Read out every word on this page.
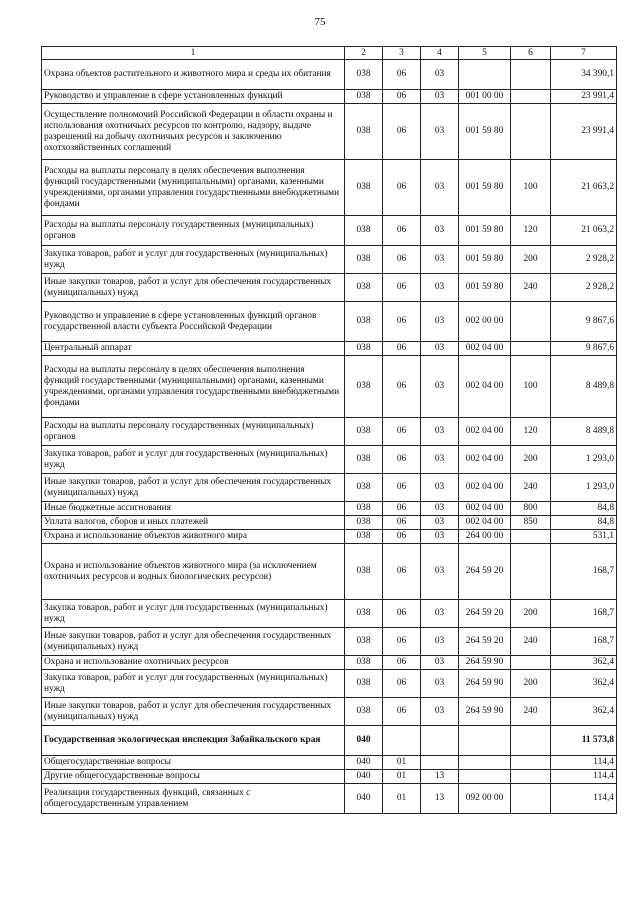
75
1	2	3	4	5	6	7
Охрана объектов растительного и животного мира и среды их обитания	038	06	03			34 390,1
Руководство и управление в сфере установленных функций	038	06	03	001 00 00		23 991,4
Осуществление полномочий Российской Федерации в области охраны и использования охотничьих ресурсов по контролю, надзору, выдаче разрешений на добычу охотничьих ресурсов и заключению охотхозяйственных соглашений	038	06	03	001 59 80		23 991,4
Расходы на выплаты персоналу в целях обеспечения выполнения функций государственными (муниципальными) органами, казенными учреждениями, органами управления государственными внебюджетными фондами	038	06	03	001 59 80	100	21 063,2
Расходы на выплаты персоналу государственных (муниципальных) органов	038	06	03	001 59 80	120	21 063,2
Закупка товаров, работ и услуг для государственных (муниципальных) нужд	038	06	03	001 59 80	200	2 928,2
Иные закупки товаров, работ и услуг для обеспечения государственных (муниципальных) нужд	038	06	03	001 59 80	240	2 928,2
Руководство и управление в сфере установленных функций органов государственной власти субъекта Российской Федерации	038	06	03	002 00 00		9 867,6
Центральный аппарат	038	06	03	002 04 00		9 867,6
Расходы на выплаты персоналу в целях обеспечения выполнения функций государственными (муниципальными) органами, казенными учреждениями, органами управления государственными внебюджетными фондами	038	06	03	002 04 00	100	8 489,8
Расходы на выплаты персоналу государственных (муниципальных) органов	038	06	03	002 04 00	120	8 489,8
Закупка товаров, работ и услуг для государственных (муниципальных) нужд	038	06	03	002 04 00	200	1 293,0
Иные закупки товаров, работ и услуг для обеспечения государственных (муниципальных) нужд	038	06	03	002 04 00	240	1 293,0
Иные бюджетные ассигнования	038	06	03	002 04 00	800	84,8
Уплата налогов, сборов и иных платежей	038	06	03	002 04 00	850	84,8
Охрана и использование объектов животного мира	038	06	03	264 00 00		531,1
Охрана и использование объектов животного мира (за исключением охотничьих ресурсов и водных биологических ресурсов)	038	06	03	264 59 20		168,7
Закупка товаров, работ и услуг для государственных (муниципальных) нужд	038	06	03	264 59 20	200	168,7
Иные закупки товаров, работ и услуг для обеспечения государственных (муниципальных) нужд	038	06	03	264 59 20	240	168,7
Охрана и использование охотничьих ресурсов	038	06	03	264 59 90		362,4
Закупка товаров, работ и услуг для государственных (муниципальных) нужд	038	06	03	264 59 90	200	362,4
Иные закупки товаров, работ и услуг для обеспечения государственных (муниципальных) нужд	038	06	03	264 59 90	240	362,4
Государственная экологическая инспекция Забайкальского края	040					11 573,8
Общегосударственные вопросы	040	01				114,4
Другие общегосударственные вопросы	040	01	13			114,4
Реализация государственных функций, связанных с общегосударственным управлением	040	01	13	092 00 00		114,4
